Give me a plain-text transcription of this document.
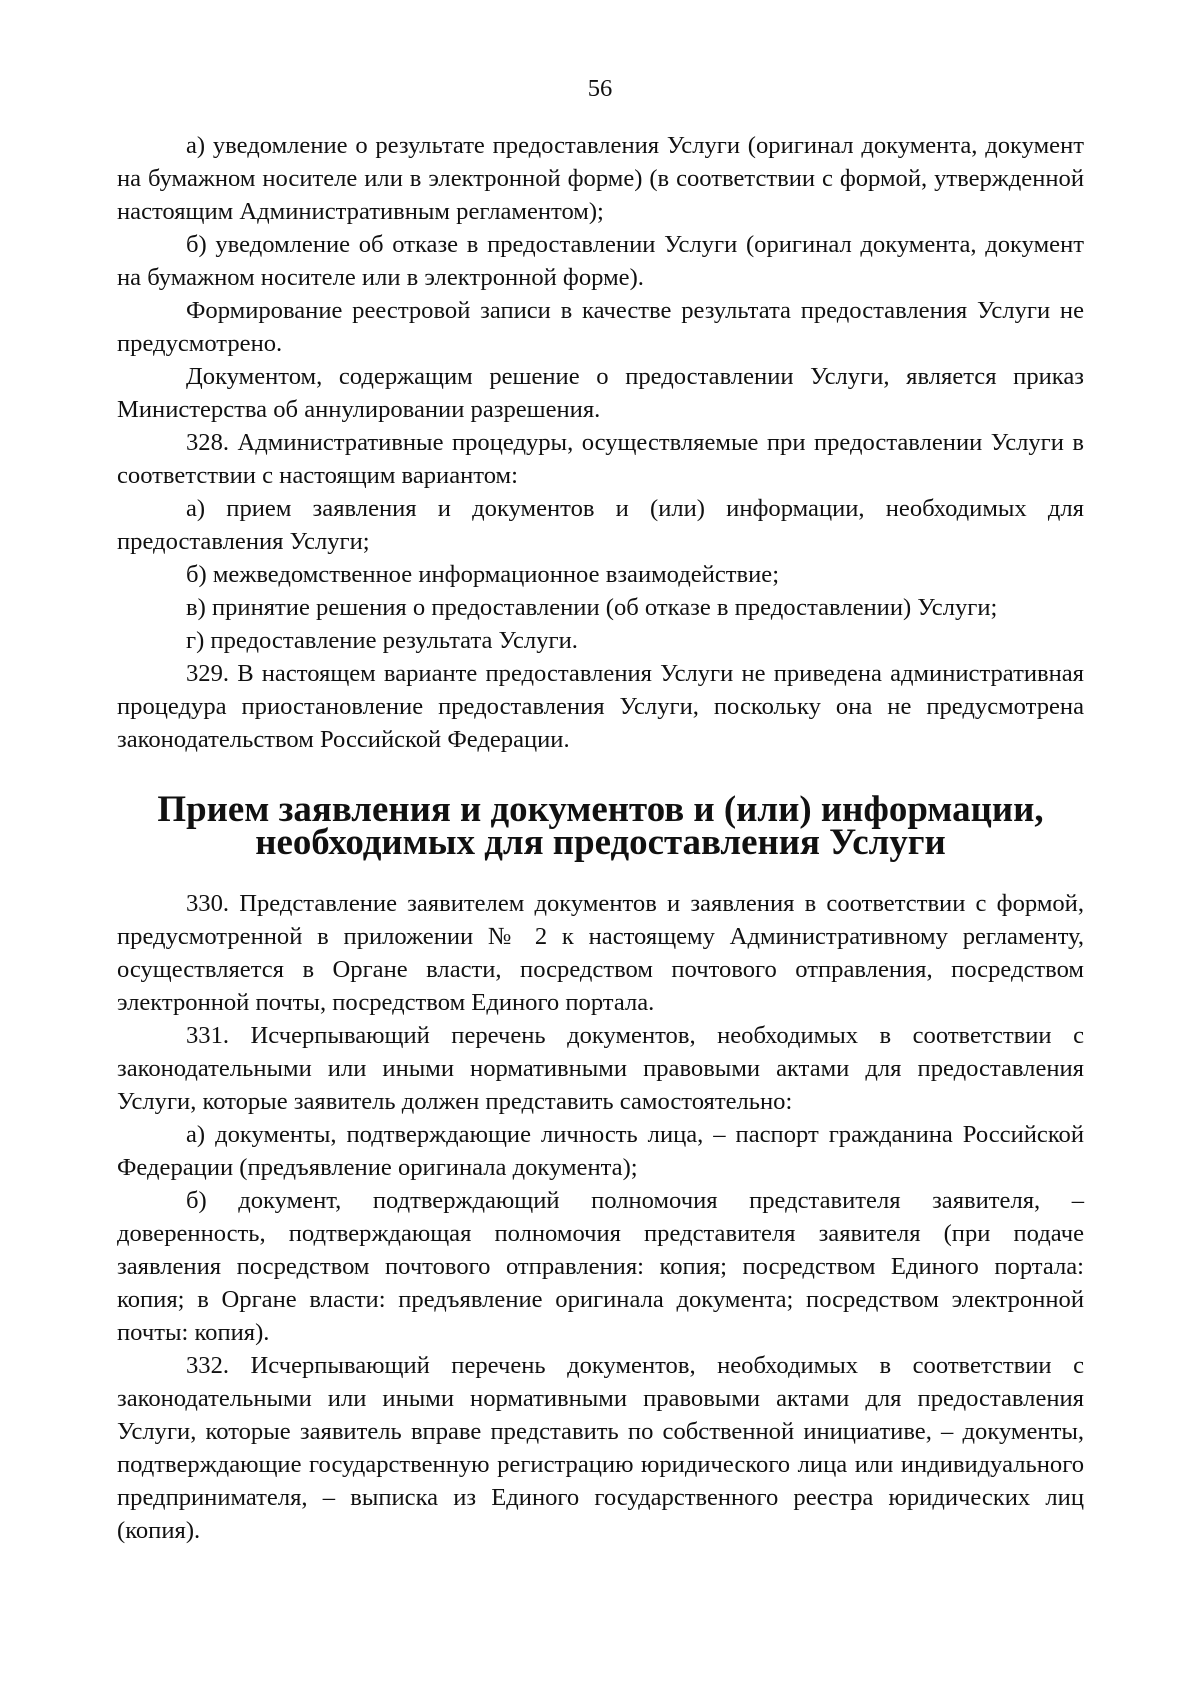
56

а) уведомление о результате предоставления Услуги (оригинал документа, документ на бумажном носителе или в электронной форме) (в соответствии с формой, утвержденной настоящим Административным регламентом);

б) уведомление об отказе в предоставлении Услуги (оригинал документа, документ на бумажном носителе или в электронной форме).

Формирование реестровой записи в качестве результата предоставления Услуги не предусмотрено.

Документом, содержащим решение о предоставлении Услуги, является приказ Министерства об аннулировании разрешения.

328. Административные процедуры, осуществляемые при предоставлении Услуги в соответствии с настоящим вариантом:

а) прием заявления и документов и (или) информации, необходимых для предоставления Услуги;

б) межведомственное информационное взаимодействие;

в) принятие решения о предоставлении (об отказе в предоставлении) Услуги;

г) предоставление результата Услуги.

329. В настоящем варианте предоставления Услуги не приведена административная процедура приостановление предоставления Услуги, поскольку она не предусмотрена законодательством Российской Федерации.

Прием заявления и документов и (или) информации, необходимых для предоставления Услуги

330. Представление заявителем документов и заявления в соответствии с формой, предусмотренной в приложении № 2 к настоящему Административному регламенту, осуществляется в Органе власти, посредством почтового отправления, посредством электронной почты, посредством Единого портала.

331. Исчерпывающий перечень документов, необходимых в соответствии с законодательными или иными нормативными правовыми актами для предоставления Услуги, которые заявитель должен представить самостоятельно:

а) документы, подтверждающие личность лица, – паспорт гражданина Российской Федерации (предъявление оригинала документа);

б) документ, подтверждающий полномочия представителя заявителя, – доверенность, подтверждающая полномочия представителя заявителя (при подаче заявления посредством почтового отправления: копия; посредством Единого портала: копия; в Органе власти: предъявление оригинала документа; посредством электронной почты: копия).

332. Исчерпывающий перечень документов, необходимых в соответствии с законодательными или иными нормативными правовыми актами для предоставления Услуги, которые заявитель вправе представить по собственной инициативе, – документы, подтверждающие государственную регистрацию юридического лица или индивидуального предпринимателя, – выписка из Единого государственного реестра юридических лиц (копия).
